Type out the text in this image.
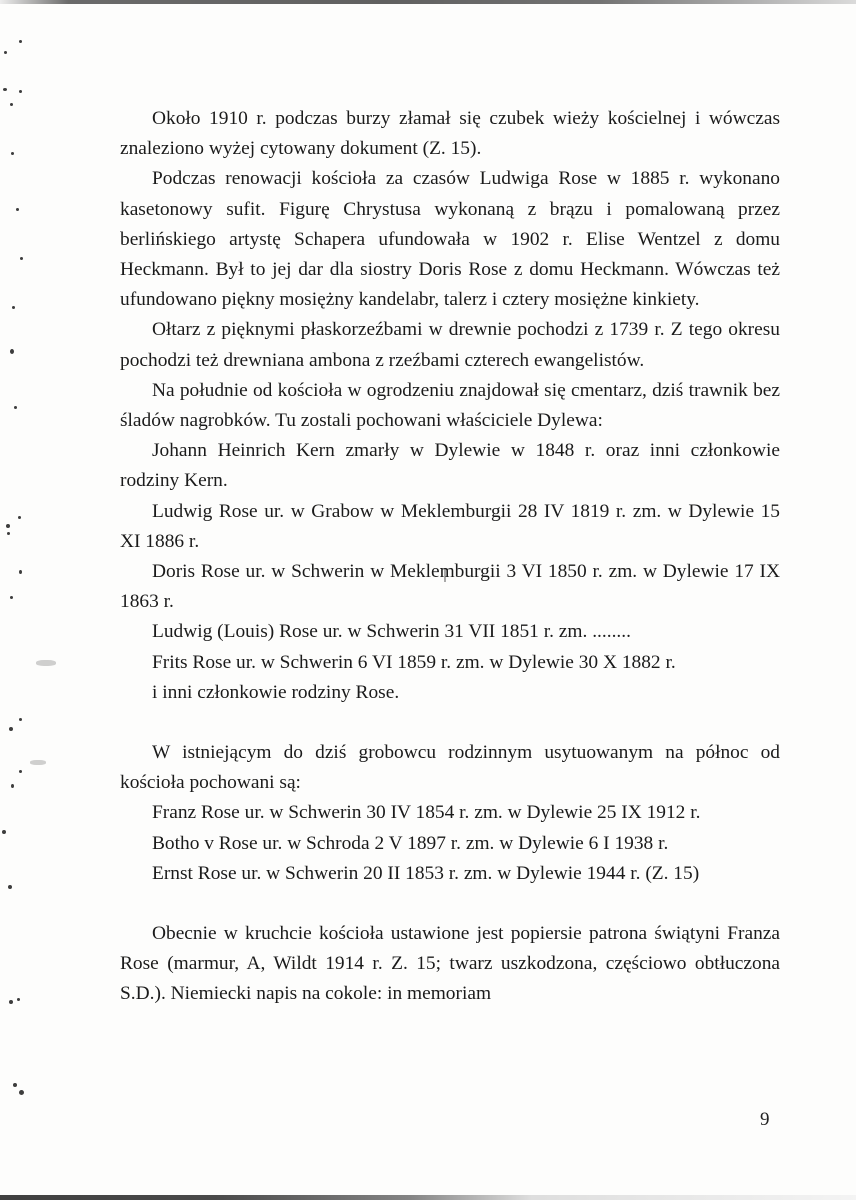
Około 1910 r. podczas burzy złamał się czubek wieży kościelnej i wówczas znaleziono wyżej cytowany dokument (Z. 15).

Podczas renowacji kościoła za czasów Ludwiga Rose w 1885 r. wykonano kasetonowy sufit. Figurę Chrystusa wykonaną z brązu i pomalowaną przez berlińskiego artystę Schapera ufundowała w 1902 r. Elise Wentzel z domu Heckmann. Był to jej dar dla siostry Doris Rose z domu Heckmann. Wówczas też ufundowano piękny mosiężny kandelabr, talerz i cztery mosiężne kinkiety.

Ołtarz z pięknymi płaskorzeźbami w drewnie pochodzi z 1739 r. Z tego okresu pochodzi też drewniana ambona z rzeźbami czterech ewangelistów.

Na południe od kościoła w ogrodzeniu znajdował się cmentarz, dziś trawnik bez śladów nagrobków. Tu zostali pochowani właściciele Dylewa:

Johann Heinrich Kern zmarły w Dylewie w 1848 r. oraz inni członkowie rodziny Kern.

Ludwig Rose ur. w Grabow w Meklemburgii 28 IV 1819 r. zm. w Dylewie 15 XI 1886 r.

Doris Rose ur. w Schwerin w Meklemburgii 3 VI 1850 r. zm. w Dylewie 17 IX 1863 r.

Ludwig (Louis) Rose ur. w Schwerin 31 VII 1851 r. zm. ........

Frits Rose ur. w Schwerin 6 VI 1859 r. zm. w Dylewie 30 X 1882 r.

i inni członkowie rodziny Rose.

W istniejącym do dziś grobowcu rodzinnym usytuowanym na północ od kościoła pochowani są:

Franz Rose ur. w Schwerin 30 IV 1854 r. zm. w Dylewie 25 IX 1912 r.

Botho v Rose ur. w Schroda 2 V 1897 r. zm. w Dylewie 6 I 1938 r.

Ernst Rose ur. w Schwerin 20 II 1853 r. zm. w Dylewie 1944 r. (Z. 15)

Obecnie w kruchcie kościoła ustawione jest popiersie patrona świątyni Franza Rose (marmur, A, Wildt 1914 r. Z. 15; twarz uszkodzona, częściowo obtłuczona S.D.). Niemiecki napis na cokole: in memoriam

9
